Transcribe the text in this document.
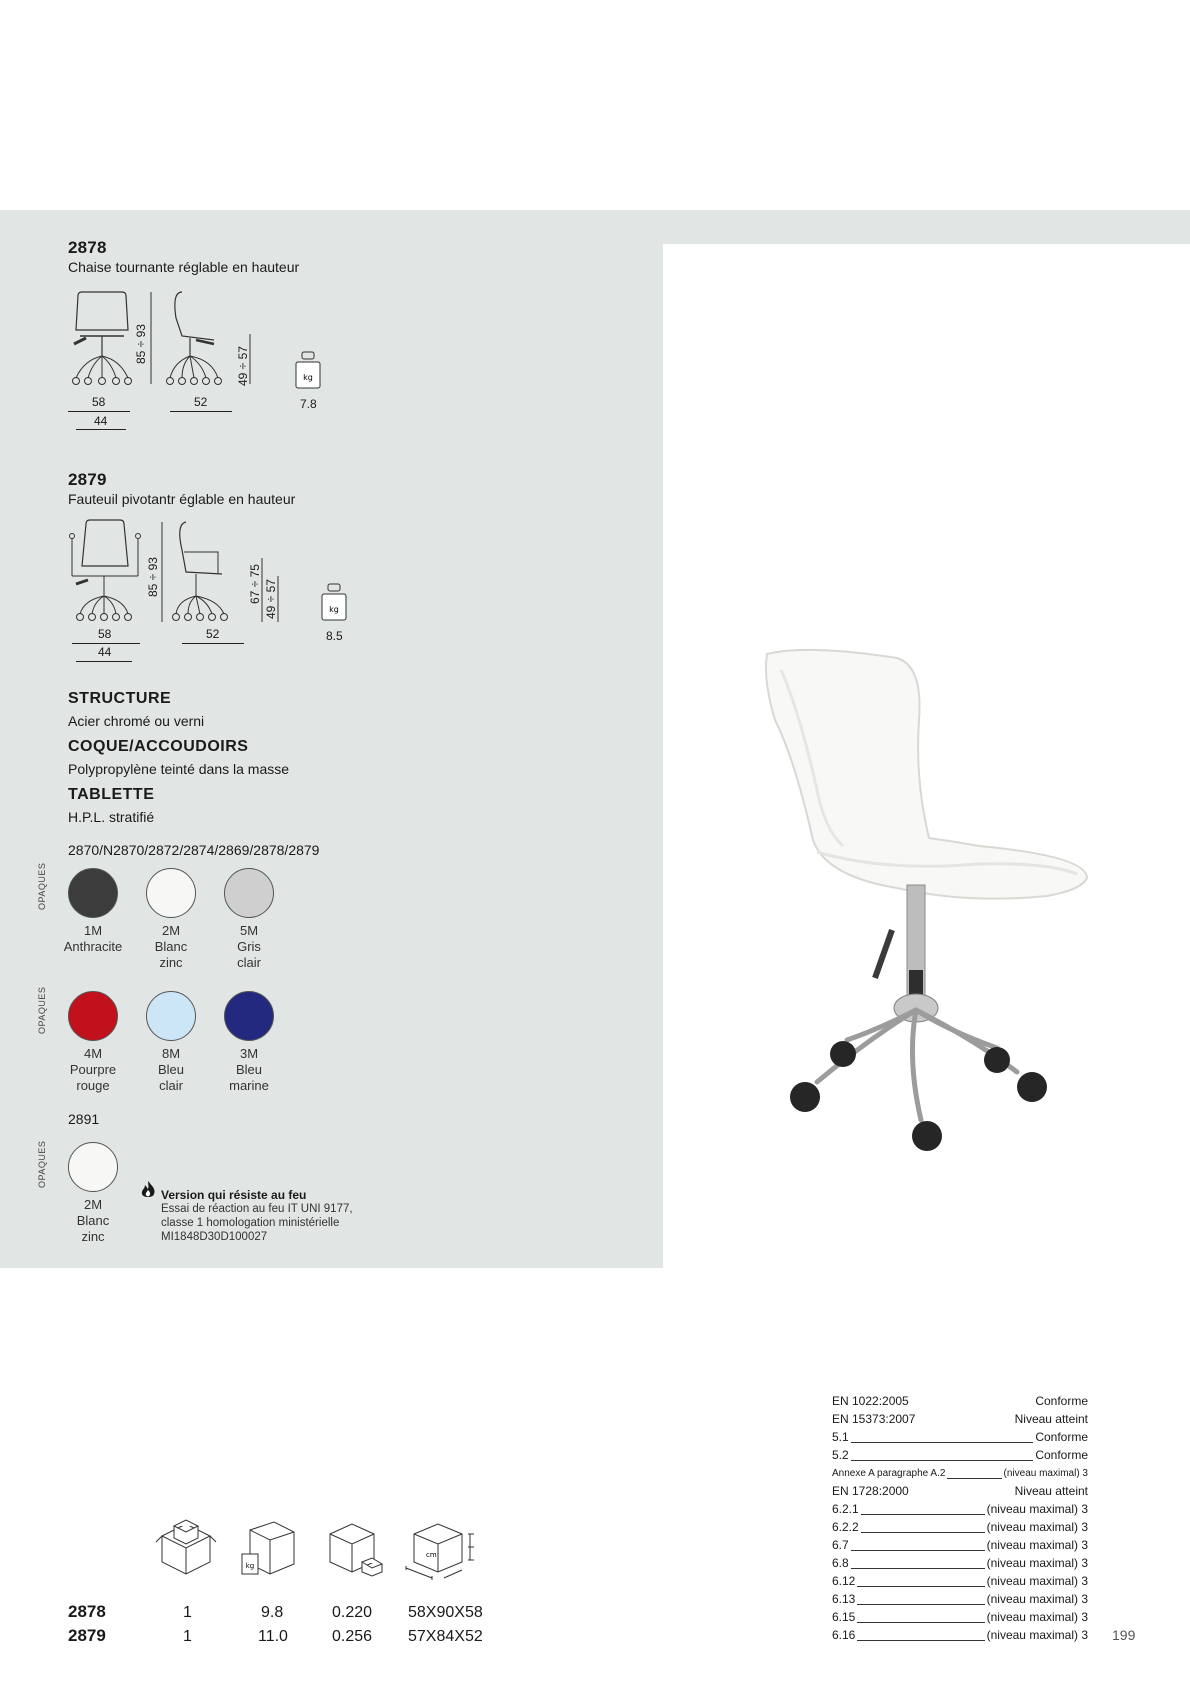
2878
Chaise tournante réglable en hauteur
85 ÷ 93
49 ÷ 57
58
44
52
kg
7.8
2879
Fauteuil pivotantr églable en hauteur
85 ÷ 93	67 ÷ 75 49 ÷ 57
58
44
52
kg
8.5
STRUCTURE
Acier chromé ou verni
COQUE/ACCOUDOIRS
Polypropylène teinté dans la masse
TABLETTE
H.P.L. stratifié
2870/N2870/2872/2874/2869/2878/2879
OPAQUES
1M
Anthracite
2M
Blanc
zinc
5M
Gris
clair
OPAQUES
4M
Pourpre
rouge
8M
Bleu
clair
3M
Bleu
marine
2891
OPAQUES
2M
Blanc
zinc
Version qui résiste au feu
Essai de réaction au feu IT UNI 9177,
classe 1 homologation ministérielle
MI1848D30D100027
EN 1022:2005	Conforme
EN 15373:2007	Niveau atteint
5.1	Conforme
5.2	Conforme
Annexe A paragraphe A.2	(niveau maximal) 3
EN 1728:2000	Niveau atteint
6.2.1	(niveau maximal) 3
6.2.2	(niveau maximal) 3
6.7	(niveau maximal) 3
6.8	(niveau maximal) 3
6.12	(niveau maximal) 3
6.13	(niveau maximal) 3
6.15	(niveau maximal) 3
6.16	(niveau maximal) 3
kg
cm
2878	1	9.8	0.220 58X90X58
2879	1	11.0	0.256 57X84X52	199
